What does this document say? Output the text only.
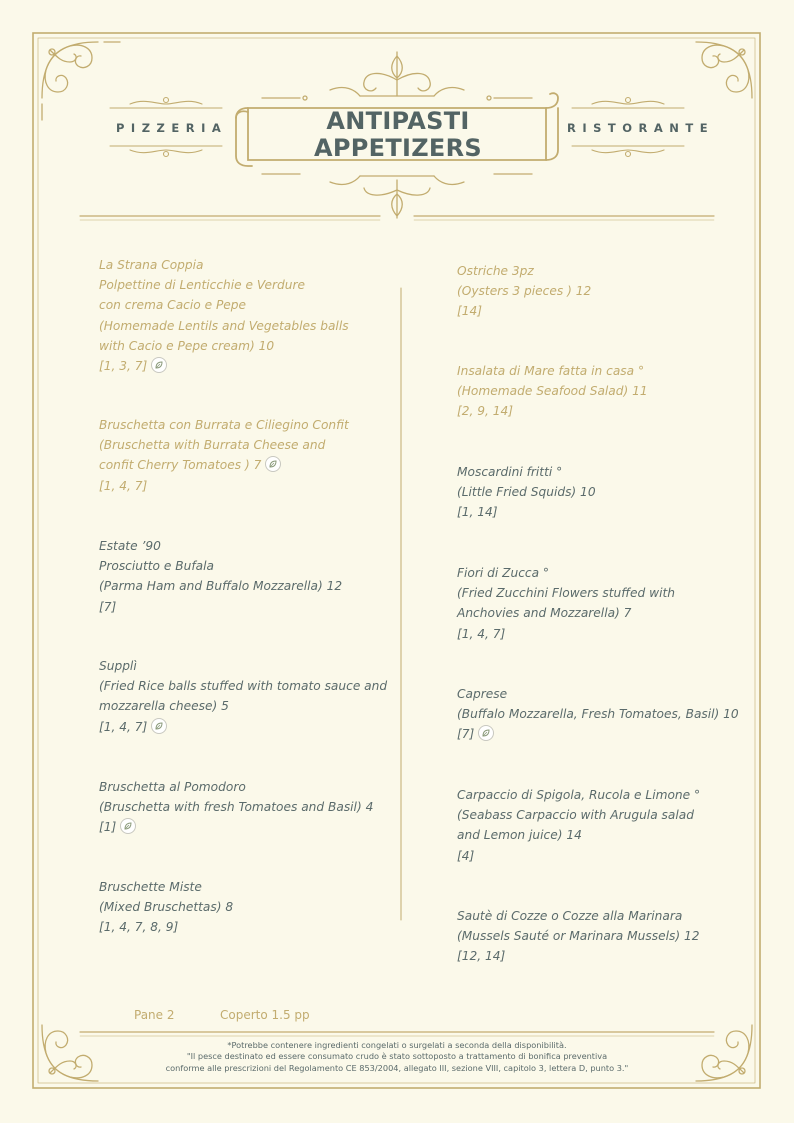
PIZZERIA	RISTORANTE
ANTIPASTI
APPETIZERS
La Strana Coppia
Polpettine di Lenticchie e Verdure
con crema Cacio e Pepe
(Homemade Lentils and Vegetables balls
with Cacio e Pepe cream) 10
[1, 3, 7]
Bruschetta con Burrata e Ciliegino Confit
(Bruschetta with Burrata Cheese and
confit Cherry Tomatoes ) 7
[1, 4, 7]
Estate ’90
Prosciutto e Bufala
(Parma Ham and Buffalo Mozzarella) 12
[7]
Supplì
(Fried Rice balls stuffed with tomato sauce and
mozzarella cheese) 5
[1, 4, 7]
Bruschetta al Pomodoro
(Bruschetta with fresh Tomatoes and Basil) 4
[1]
Bruschette Miste
(Mixed Bruschettas) 8
[1, 4, 7, 8, 9]
Ostriche 3pz
(Oysters 3 pieces ) 12
[14]
Insalata di Mare fatta in casa °
(Homemade Seafood Salad) 11
[2, 9, 14]
Moscardini fritti °
(Little Fried Squids) 10
[1, 14]
Fiori di Zucca °
(Fried Zucchini Flowers stuffed with
Anchovies and Mozzarella) 7
[1, 4, 7]
Caprese
(Buffalo Mozzarella, Fresh Tomatoes, Basil) 10
[7]
Carpaccio di Spigola, Rucola e Limone °
(Seabass Carpaccio with Arugula salad
and Lemon juice) 14
[4]
Sautè di Cozze o Cozze alla Marinara
(Mussels Sauté or Marinara Mussels) 12
[12, 14]
Pane 2	Coperto 1.5 pp
*Potrebbe contenere ingredienti congelati o surgelati a seconda della disponibilità.
"Il pesce destinato ed essere consumato crudo è stato sottoposto a trattamento di bonifica preventiva
conforme alle prescrizioni del Regolamento CE 853/2004, allegato III, sezione VIII, capitolo 3, lettera D, punto 3."
